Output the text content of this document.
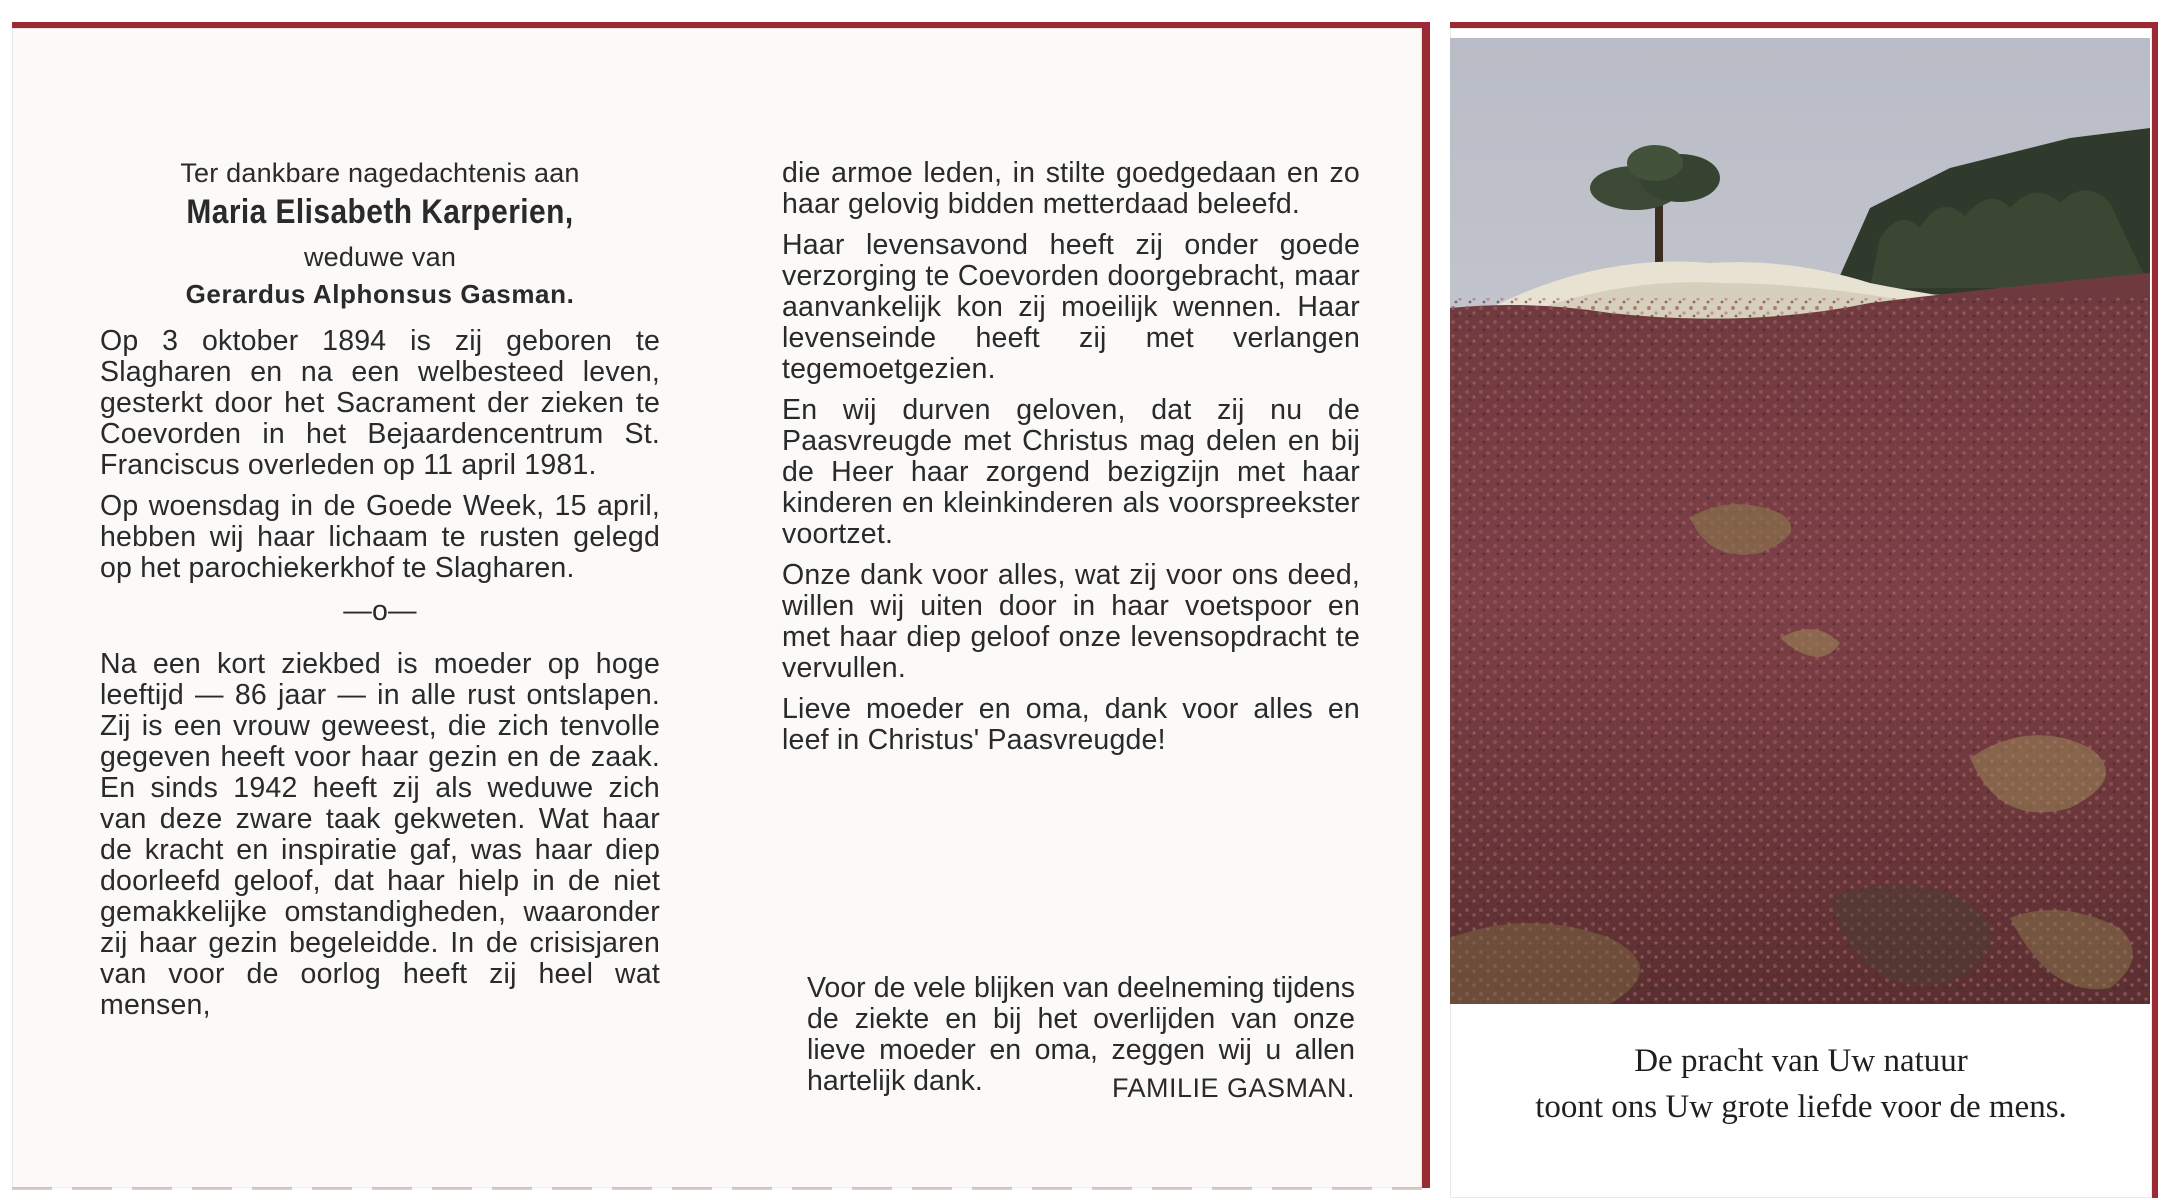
Ter dankbare nagedachtenis aan

Maria Elisabeth Karperien,

weduwe van

Gerardus Alphonsus Gasman.

Op 3 oktober 1894 is zij geboren te Slagharen en na een welbesteed leven, gesterkt door het Sacrament der zieken te Coevorden in het Bejaardencentrum St. Franciscus overleden op 11 april 1981.

Op woensdag in de Goede Week, 15 april, hebben wij haar lichaam te rusten gelegd op het parochiekerkhof te Slagharen.

—o—

Na een kort ziekbed is moeder op hoge leeftijd — 86 jaar — in alle rust ontslapen. Zij is een vrouw geweest, die zich tenvolle gegeven heeft voor haar gezin en de zaak. En sinds 1942 heeft zij als weduwe zich van deze zware taak gekweten. Wat haar de kracht en inspiratie gaf, was haar diep doorleefd geloof, dat haar hielp in de niet gemakkelijke omstandigheden, waaronder zij haar gezin begeleidde. In de crisisjaren van voor de oorlog heeft zij heel wat mensen,

die armoe leden, in stilte goedgedaan en zo haar gelovig bidden metterdaad beleefd.

Haar levensavond heeft zij onder goede verzorging te Coevorden doorgebracht, maar aanvankelijk kon zij moeilijk wennen. Haar levenseinde heeft zij met verlangen tegemoetgezien.

En wij durven geloven, dat zij nu de Paasvreugde met Christus mag delen en bij de Heer haar zorgend bezigzijn met haar kinderen en kleinkinderen als voorspreekster voortzet.

Onze dank voor alles, wat zij voor ons deed, willen wij uiten door in haar voetspoor en met haar diep geloof onze levensopdracht te vervullen.

Lieve moeder en oma, dank voor alles en leef in Christus' Paasvreugde!

Voor de vele blijken van deelneming tijdens de ziekte en bij het overlijden van onze lieve moeder en oma, zeggen wij u allen hartelijk dank.	FAMILIE GASMAN.
De pracht van Uw natuur
toont ons Uw grote liefde voor de mens.
